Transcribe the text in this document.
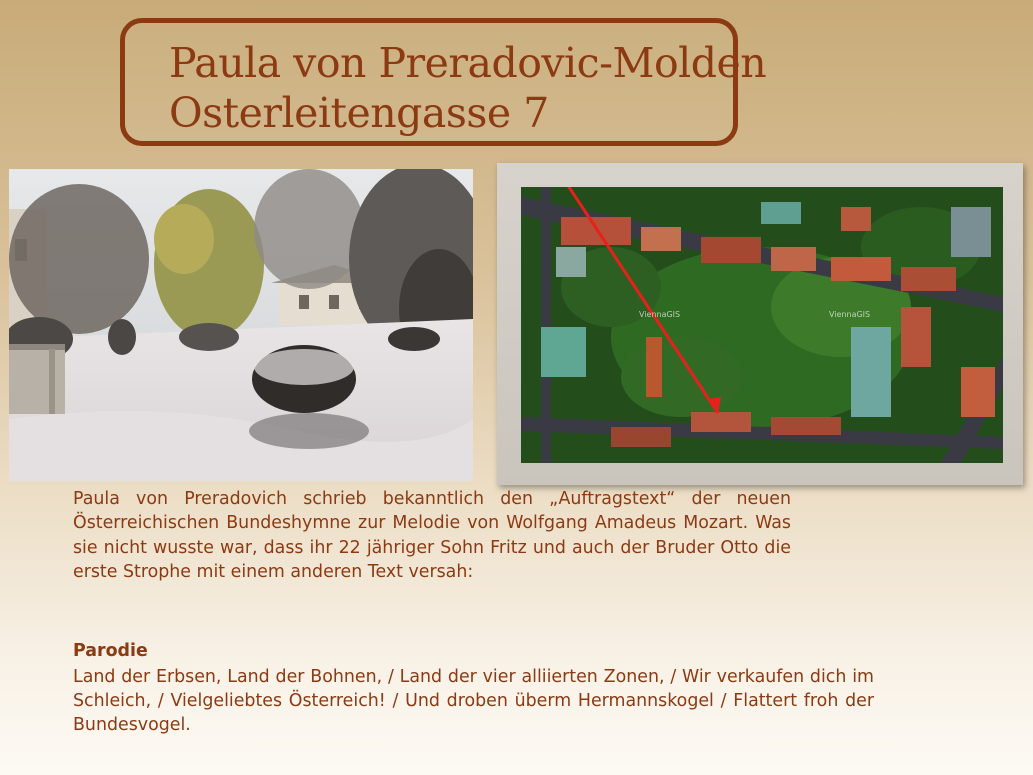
Paula von Preradovic-Molden
Osterleitengasse 7
ViennaGIS	ViennaGIS

Paula von Preradovich schrieb bekanntlich den „Auftragstext“ der neuen Österreichischen Bundeshymne zur Melodie von Wolfgang Amadeus Mozart. Was sie nicht wusste war, dass ihr 22 jähriger Sohn Fritz und auch der Bruder Otto die erste Strophe mit einem anderen Text versah:

Parodie

Land der Erbsen, Land der Bohnen, / Land der vier alliierten Zonen, / Wir verkaufen dich im Schleich, / Vielgeliebtes Österreich! / Und droben überm Hermannskogel / Flattert froh der Bundesvogel.
